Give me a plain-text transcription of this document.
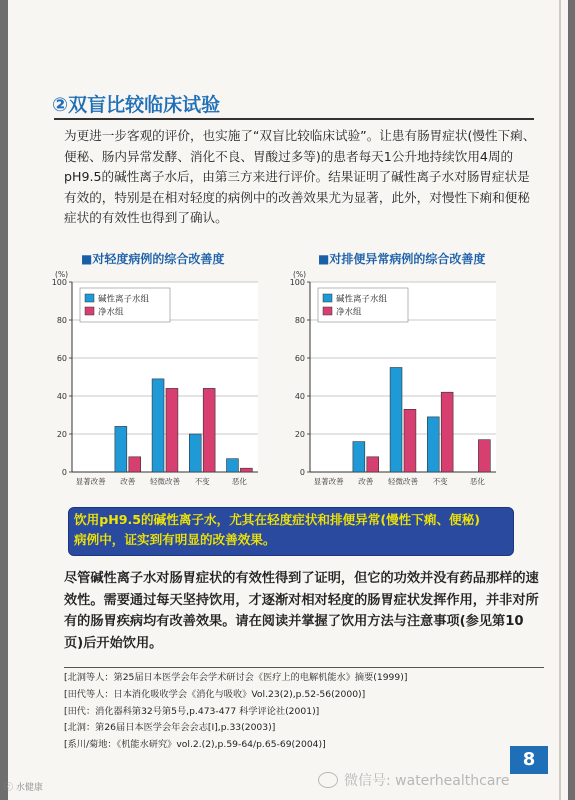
②双盲比较临床试验
为更进一步客观的评价，也实施了“双盲比较临床试验”。让患有肠胃症状(慢性下痢、便秘、肠内异常发酵、消化不良、胃酸过多等)的患者每天1公升地持续饮用4周的pH9.5的碱性离子水后，由第三方来进行评价。结果证明了碱性离子水对肠胃症状是有效的，特别是在相对轻度的病例中的改善效果尤为显著，此外，对慢性下痢和便秘症状的有效性也得到了确认。
■对轻度病例的综合改善度	■对排便异常病例的综合改善度
0
20
40
60
80
100
(%)
显著改善 改善 轻微改善 不变	恶化
碱性离子水组
净水组
0
20
40
60
80
100
(%)
显著改善 改善 轻微改善 不变	恶化
碱性离子水组
净水组
饮用pH9.5的碱性离子水，尤其在轻度症状和排便异常(慢性下痢、便秘)
病例中，证实到有明显的改善效果。
尽管碱性离子水对肠胃症状的有效性得到了证明，但它的功效并没有药品那样的速效性。需要通过每天坚持饮用，才逐渐对相对轻度的肠胃症状发挥作用，并非对所有的肠胃疾病均有改善效果。请在阅读并掌握了饮用方法与注意事项(参见第10页)后开始饮用。
[北洞等人：第25届日本医学会年会学术研讨会《医疗上的电解机能水》摘要(1999)]
[田代等人：日本消化吸收学会《消化与吸收》Vol.23(2),p.52-56(2000)]
[田代：消化器科第32号第5号,p.473-477 科学评论社(2001)]
[北洞：第26届日本医学会年会会志[Ⅰ],p.33(2003)]
[系川/菊地：《机能水研究》vol.2.(2),p.59-64/p.65-69(2004)]
8
微信号: waterhealthcare
ⓒ 水健康
